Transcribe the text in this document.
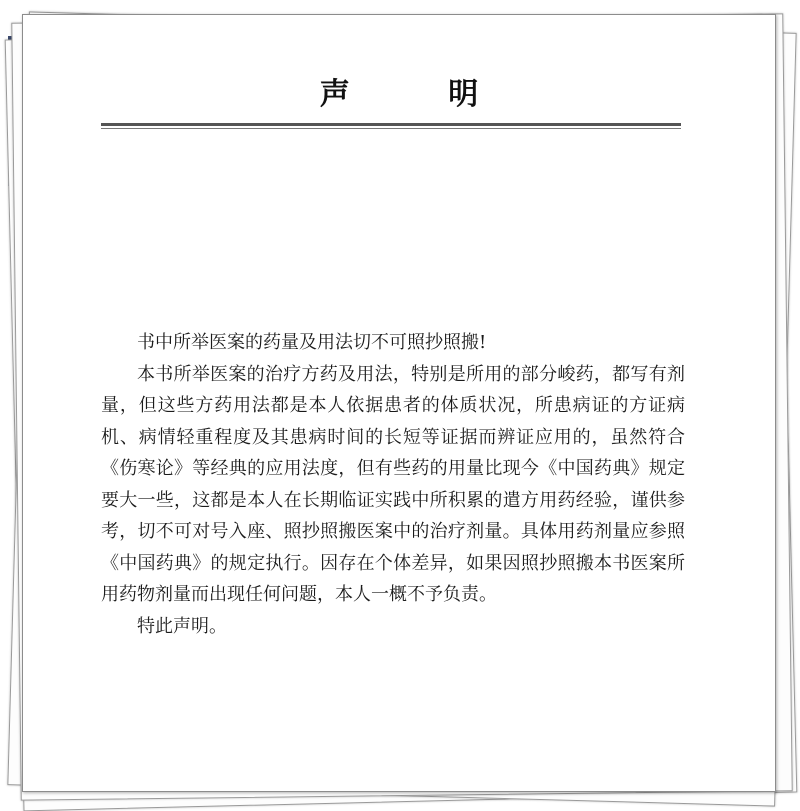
声 明

书中所举医案的药量及用法切不可照抄照搬!

本书所举医案的治疗方药及用法，特别是所用的部分峻药，都写有剂量，但这些方药用法都是本人依据患者的体质状况，所患病证的方证病机、病情轻重程度及其患病时间的长短等证据而辨证应用的，虽然符合《伤寒论》等经典的应用法度，但有些药的用量比现今《中国药典》规定要大一些，这都是本人在长期临证实践中所积累的遣方用药经验，谨供参考，切不可对号入座、照抄照搬医案中的治疗剂量。具体用药剂量应参照《中国药典》的规定执行。因存在个体差异，如果因照抄照搬本书医案所用药物剂量而出现任何问题，本人一概不予负责。

特此声明。
